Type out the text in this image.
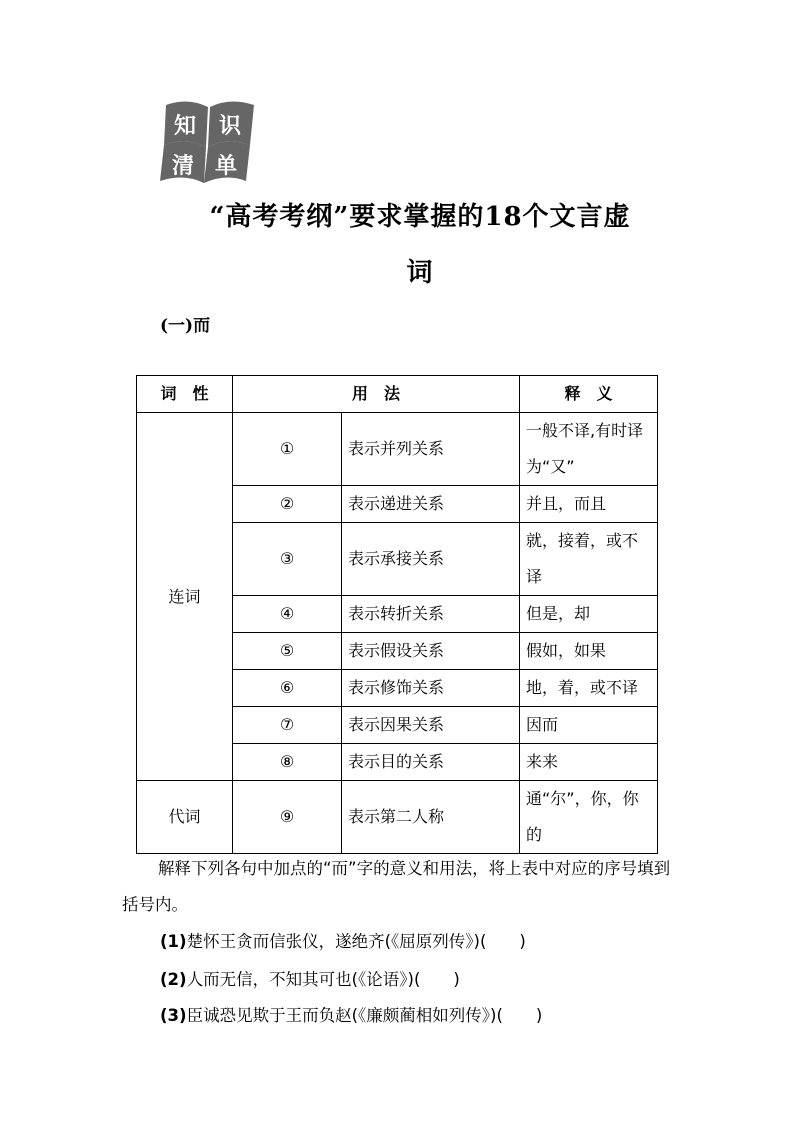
知 识
清 单
“高考考纲”要求掌握的18个文言虚
词
(一)而
词　性	用　法		释　义
连词	①	表示并列关系	一般不译,有时译为“又”
	②	表示递进关系	并且，而且
	③	表示承接关系	就，接着，或不译
	④	表示转折关系	但是，却
	⑤	表示假设关系	假如，如果
	⑥	表示修饰关系	地，着，或不译
	⑦	表示因果关系	因而
	⑧	表示目的关系	来来
代词	⑨	表示第二人称	通“尔”，你，你的
解释下列各句中加点的“而”字的意义和用法，将上表中对应的序号填到括号内。
(1)楚怀王贪而信张仪，遂绝齐(《屈原列传》)(　　)
(2)人而无信，不知其可也(《论语》)(　　)
(3)臣诚恐见欺于王而负赵(《廉颇蔺相如列传》)(　　)
